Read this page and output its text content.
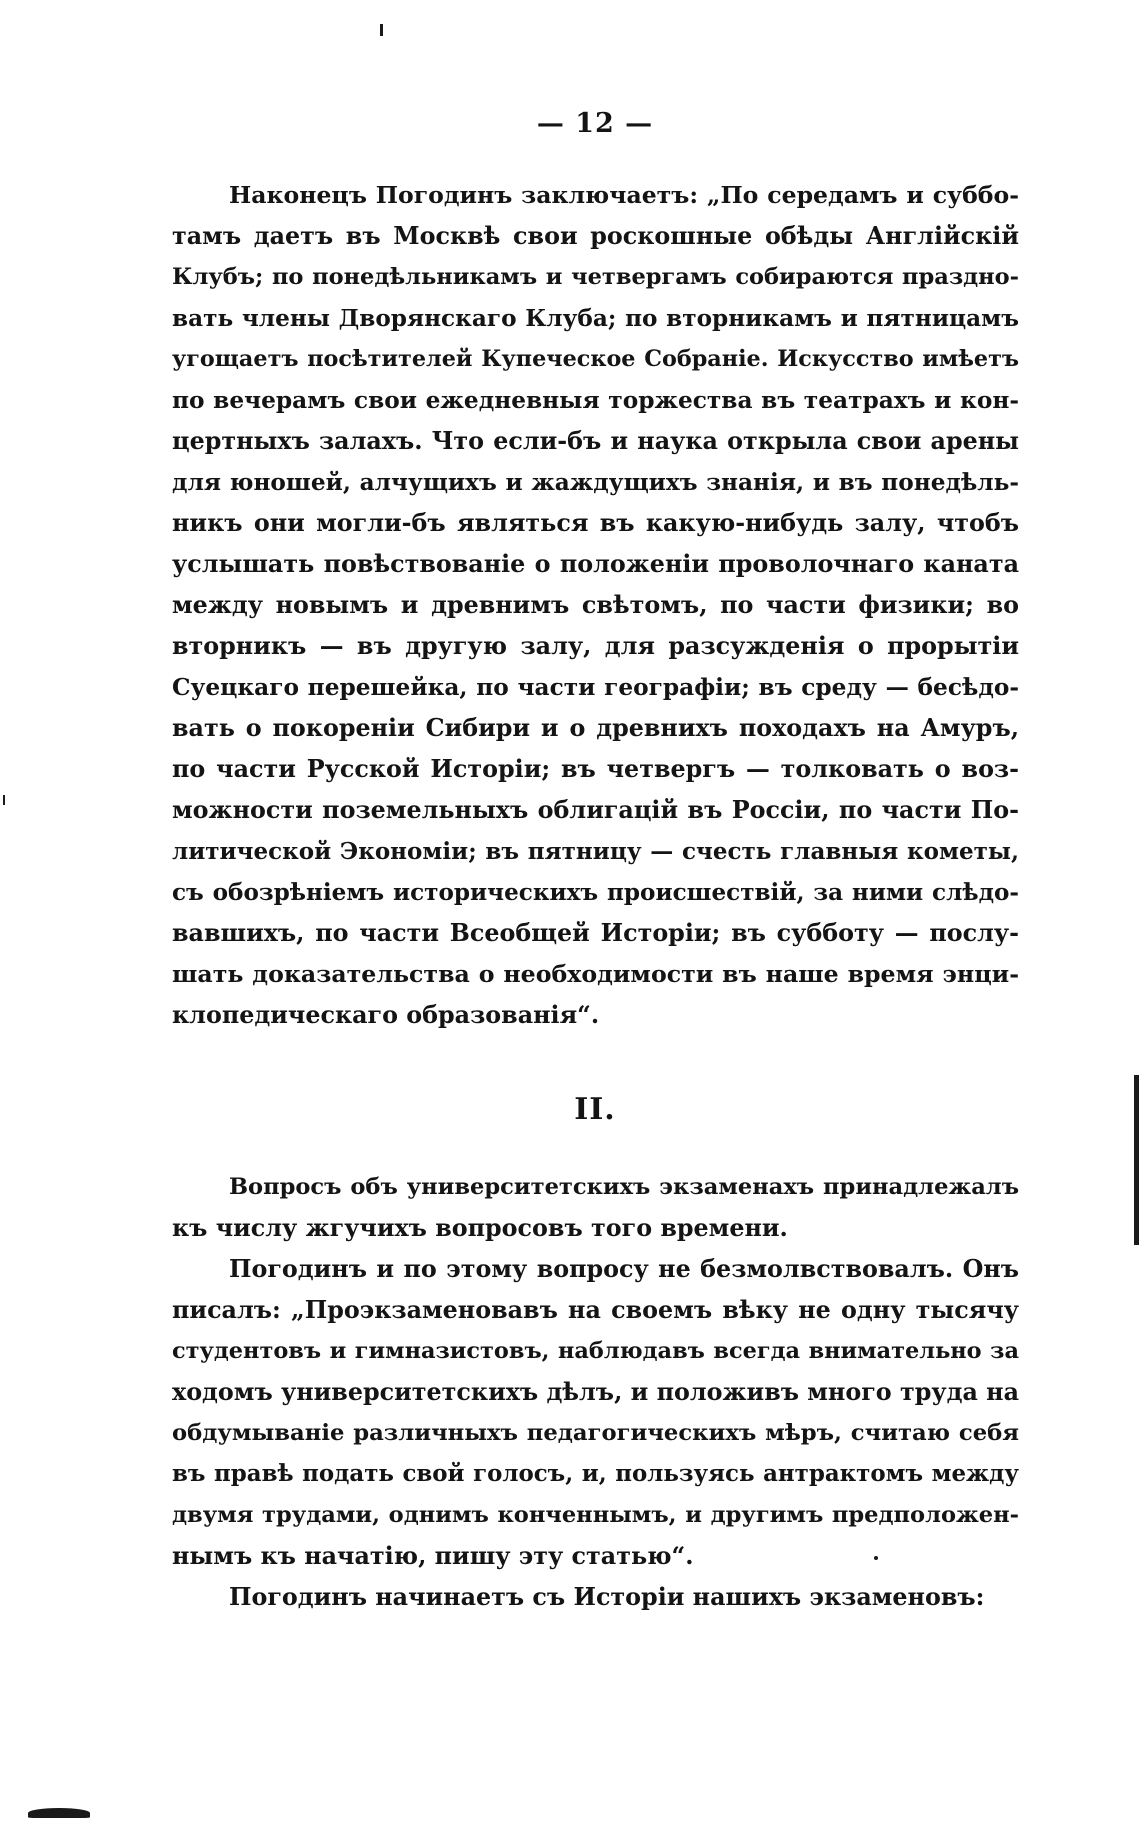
— 12 —
Наконецъ Погодинъ заключаетъ: „По середамъ и суббо-
тамъ даетъ въ Москвѣ свои роскошные обѣды Англійскій
Клубъ; по понедѣльникамъ и четвергамъ собираются праздно-
вать члены Дворянскаго Клуба; по вторникамъ и пятницамъ
угощаетъ посѣтителей Купеческое Собраніе. Искусство имѣетъ
по вечерамъ свои ежедневныя торжества въ театрахъ и кон-
цертныхъ залахъ. Что если-бъ и наука открыла свои арены
для юношей, алчущихъ и жаждущихъ знанія, и въ понедѣль-
никъ они могли-бъ являться въ какую-нибудь залу, чтобъ
услышать повѣствованіе о положеніи проволочнаго каната
между новымъ и древнимъ свѣтомъ, по части физики; во
вторникъ — въ другую залу, для разсужденія о прорытіи
Суецкаго перешейка, по части географіи; въ среду — бесѣдо-
вать о покореніи Сибири и о древнихъ походахъ на Амуръ,
по части Русской Исторіи; въ четвергъ — толковать о воз-
можности поземельныхъ облигацій въ Россіи, по части По-
литической Экономіи; въ пятницу — счесть главныя кометы,
съ обозрѣніемъ историческихъ происшествій, за ними слѣдо-
вавшихъ, по части Всеобщей Исторіи; въ субботу — послу-
шать доказательства о необходимости въ наше время энци-
клопедическаго образованія“.
II.
Вопросъ объ университетскихъ экзаменахъ принадлежалъ
къ числу жгучихъ вопросовъ того времени.
Погодинъ и по этому вопросу не безмолвствовалъ. Онъ
писалъ: „Проэкзаменовавъ на своемъ вѣку не одну тысячу
студентовъ и гимназистовъ, наблюдавъ всегда внимательно за
ходомъ университетскихъ дѣлъ, и положивъ много труда на
обдумываніе различныхъ педагогическихъ мѣръ, считаю себя
въ правѣ подать свой голосъ, и, пользуясь антрактомъ между
двумя трудами, однимъ конченнымъ, и другимъ предположен-
нымъ къ начатію, пишу эту статью“.
Погодинъ начинаетъ съ Исторіи нашихъ экзаменовъ:
